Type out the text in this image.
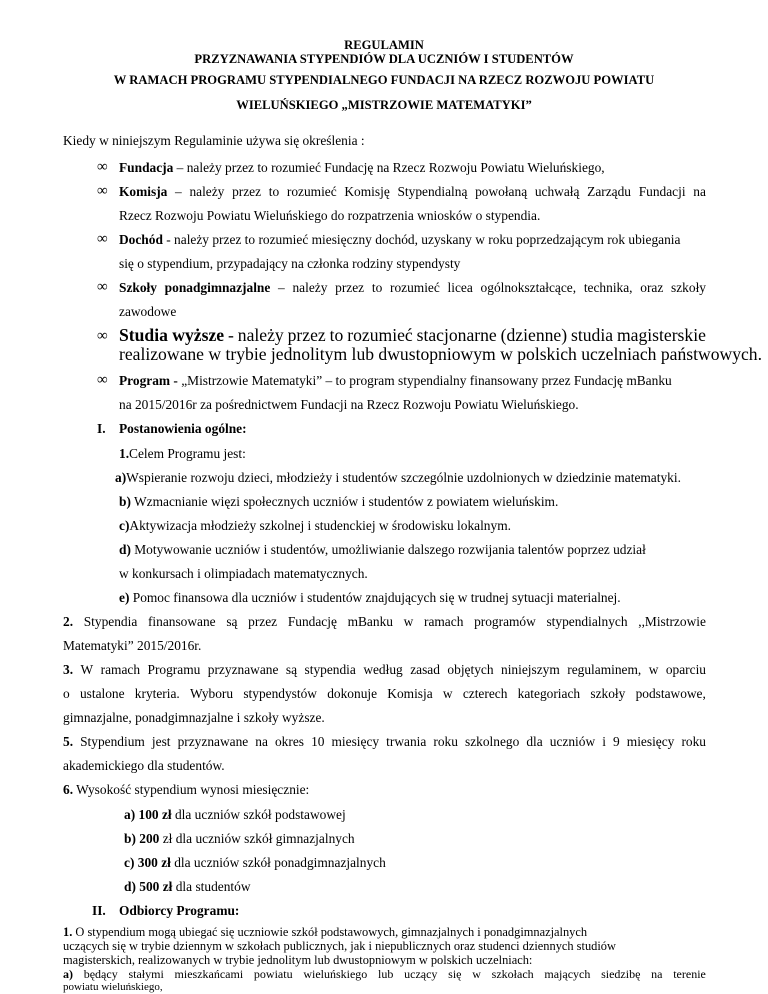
REGULAMIN
PRZYZNAWANIA STYPENDIÓW DLA UCZNIÓW I STUDENTÓW
W RAMACH PROGRAMU STYPENDIALNEGO FUNDACJI NA RZECZ ROZWOJU POWIATU
WIELUŃSKIEGO „MISTRZOWIE MATEMATYKI”
Kiedy w niniejszym Regulaminie używa się określenia :
∞ Fundacja – należy przez to rozumieć Fundację na Rzecz Rozwoju Powiatu Wieluńskiego,
∞ Komisja – należy przez to rozumieć Komisję Stypendialną powołaną uchwałą Zarządu Fundacji na
Rzecz Rozwoju Powiatu Wieluńskiego do rozpatrzenia wniosków o stypendia.
∞ Dochód - należy przez to rozumieć miesięczny dochód, uzyskany w roku poprzedzającym rok ubiegania
się o stypendium, przypadający na członka rodziny stypendysty
∞ Szkoły ponadgimnazjalne – należy przez to rozumieć licea ogólnokształcące, technika, oraz szkoły
zawodowe
∞ Studia wyższe - należy przez to rozumieć stacjonarne (dzienne) studia magisterskie
realizowane w trybie jednolitym lub dwustopniowym w polskich uczelniach państwowych.
∞ Program - „Mistrzowie Matematyki” – to program stypendialny finansowany przez Fundację mBanku
na 2015/2016r za pośrednictwem Fundacji na Rzecz Rozwoju Powiatu Wieluńskiego.
I. Postanowienia ogólne:
1.Celem Programu jest:
a)Wspieranie rozwoju dzieci, młodzieży i studentów szczególnie uzdolnionych w dziedzinie matematyki.
b) Wzmacnianie więzi społecznych uczniów i studentów z powiatem wieluńskim.
c)Aktywizacja młodzieży szkolnej i studenckiej w środowisku lokalnym.
d) Motywowanie uczniów i studentów, umożliwianie dalszego rozwijania talentów poprzez udział
w konkursach i olimpiadach matematycznych.
e) Pomoc finansowa dla uczniów i studentów znajdujących się w trudnej sytuacji materialnej.
2. Stypendia finansowane są przez Fundację mBanku w ramach programów stypendialnych ,,Mistrzowie
Matematyki” 2015/2016r.
3. W ramach Programu przyznawane są stypendia według zasad objętych niniejszym regulaminem, w oparciu
o ustalone kryteria. Wyboru stypendystów dokonuje Komisja w czterech kategoriach szkoły podstawowe,
gimnazjalne, ponadgimnazjalne i szkoły wyższe.
5. Stypendium jest przyznawane na okres 10 miesięcy trwania roku szkolnego dla uczniów i 9 miesięcy roku
akademickiego dla studentów.
6. Wysokość stypendium wynosi miesięcznie:
a) 100 zł dla uczniów szkół podstawowej
b) 200 zł dla uczniów szkół gimnazjalnych
c) 300 zł dla uczniów szkół ponadgimnazjalnych
d) 500 zł dla studentów
II. Odbiorcy Programu:
1. O stypendium mogą ubiegać się uczniowie szkół podstawowych, gimnazjalnych i ponadgimnazjalnych
uczących się w trybie dziennym w szkołach publicznych, jak i niepublicznych oraz studenci dziennych studiów
magisterskich, realizowanych w trybie jednolitym lub dwustopniowym w polskich uczelniach:
a) będący stałymi mieszkańcami powiatu wieluńskiego lub uczący się w szkołach mających siedzibę na terenie
powiatu wieluńskiego,
